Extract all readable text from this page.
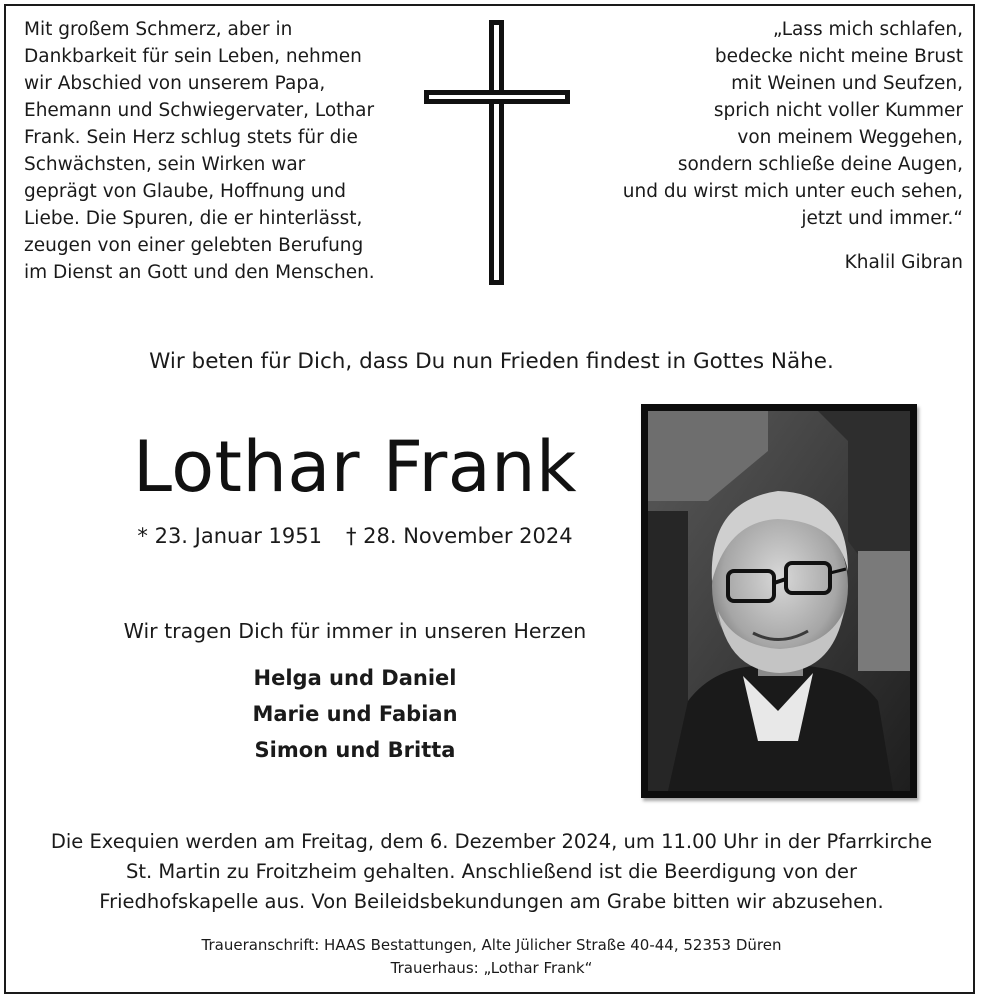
Mit großem Schmerz, aber in
Dankbarkeit für sein Leben, nehmen
wir Abschied von unserem Papa,
Ehemann und Schwiegervater, Lothar
Frank. Sein Herz schlug stets für die
Schwächsten, sein Wirken war
geprägt von Glaube, Hoffnung und
Liebe. Die Spuren, die er hinterlässt,
zeugen von einer gelebten Berufung
im Dienst an Gott und den Menschen.
„Lass mich schlafen,
bedecke nicht meine Brust
mit Weinen und Seufzen,
sprich nicht voller Kummer
von meinem Weggehen,
sondern schließe deine Augen,
und du wirst mich unter euch sehen,
jetzt und immer.“
Khalil Gibran
Wir beten für Dich, dass Du nun Frieden findest in Gottes Nähe.
Lothar Frank
* 23. Januar 1951 † 28. November 2024
Wir tragen Dich für immer in unseren Herzen
Helga und Daniel
Marie und Fabian
Simon und Britta
Die Exequien werden am Freitag, dem 6. Dezember 2024, um 11.00 Uhr in der Pfarrkirche
St. Martin zu Froitzheim gehalten. Anschließend ist die Beerdigung von der
Friedhofskapelle aus. Von Beileidsbekundungen am Grabe bitten wir abzusehen.
Traueranschrift: HAAS Bestattungen, Alte Jülicher Straße 40-44, 52353 Düren
Trauerhaus: „Lothar Frank“
